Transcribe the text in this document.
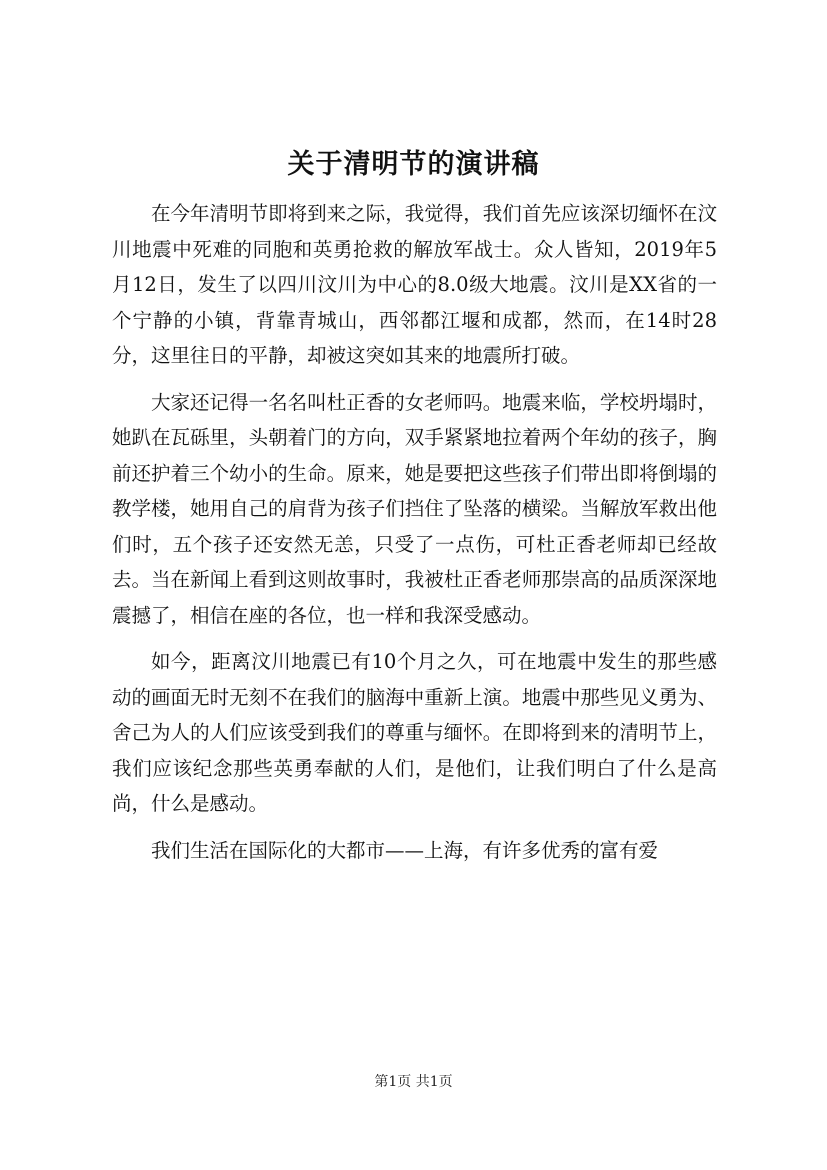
关于清明节的演讲稿

在今年清明节即将到来之际，我觉得，我们首先应该深切缅怀在汶川地震中死难的同胞和英勇抢救的解放军战士。众人皆知，2019年5月12日，发生了以四川汶川为中心的8.0级大地震。汶川是XX省的一个宁静的小镇，背靠青城山，西邻都江堰和成都，然而，在14时28分，这里往日的平静，却被这突如其来的地震所打破。

大家还记得一名名叫杜正香的女老师吗。地震来临，学校坍塌时，她趴在瓦砾里，头朝着门的方向，双手紧紧地拉着两个年幼的孩子，胸前还护着三个幼小的生命。原来，她是要把这些孩子们带出即将倒塌的教学楼，她用自己的肩背为孩子们挡住了坠落的横梁。当解放军救出他们时，五个孩子还安然无恙，只受了一点伤，可杜正香老师却已经故去。当在新闻上看到这则故事时，我被杜正香老师那崇高的品质深深地震撼了，相信在座的各位，也一样和我深受感动。

如今，距离汶川地震已有10个月之久，可在地震中发生的那些感动的画面无时无刻不在我们的脑海中重新上演。地震中那些见义勇为、舍己为人的人们应该受到我们的尊重与缅怀。在即将到来的清明节上，我们应该纪念那些英勇奉献的人们，是他们，让我们明白了什么是高尚，什么是感动。

我们生活在国际化的大都市——上海，有许多优秀的富有爱

第1页 共1页
